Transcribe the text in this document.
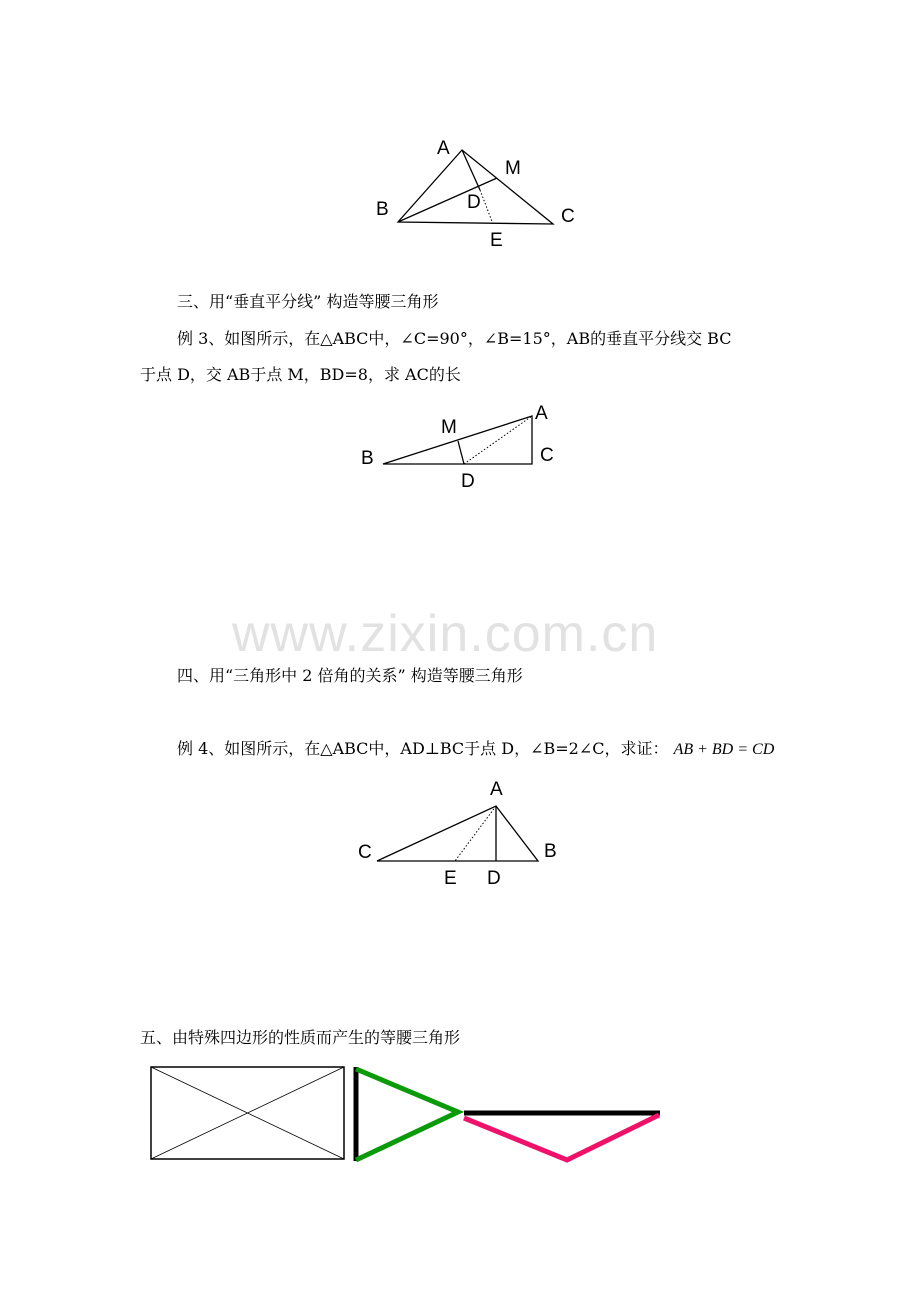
www.zixin.com.cn
A
M
B	D
C
E
三、用“垂直平分线” 构造等腰三角形
例 3、如图所示，在△ABC中，∠C=90°，∠B=15°，AB的垂直平分线交 BC
于点 D，交 AB于点 M，BD=8，求 AC的长
M
A
B	C
D
四、用“三角形中 2 倍角的关系” 构造等腰三角形
例 4、如图所示，在△ABC中，AD⊥BC于点 D，∠B=2∠C，求证： AB + BD = CD
A
C	B
E D
五、由特殊四边形的性质而产生的等腰三角形
